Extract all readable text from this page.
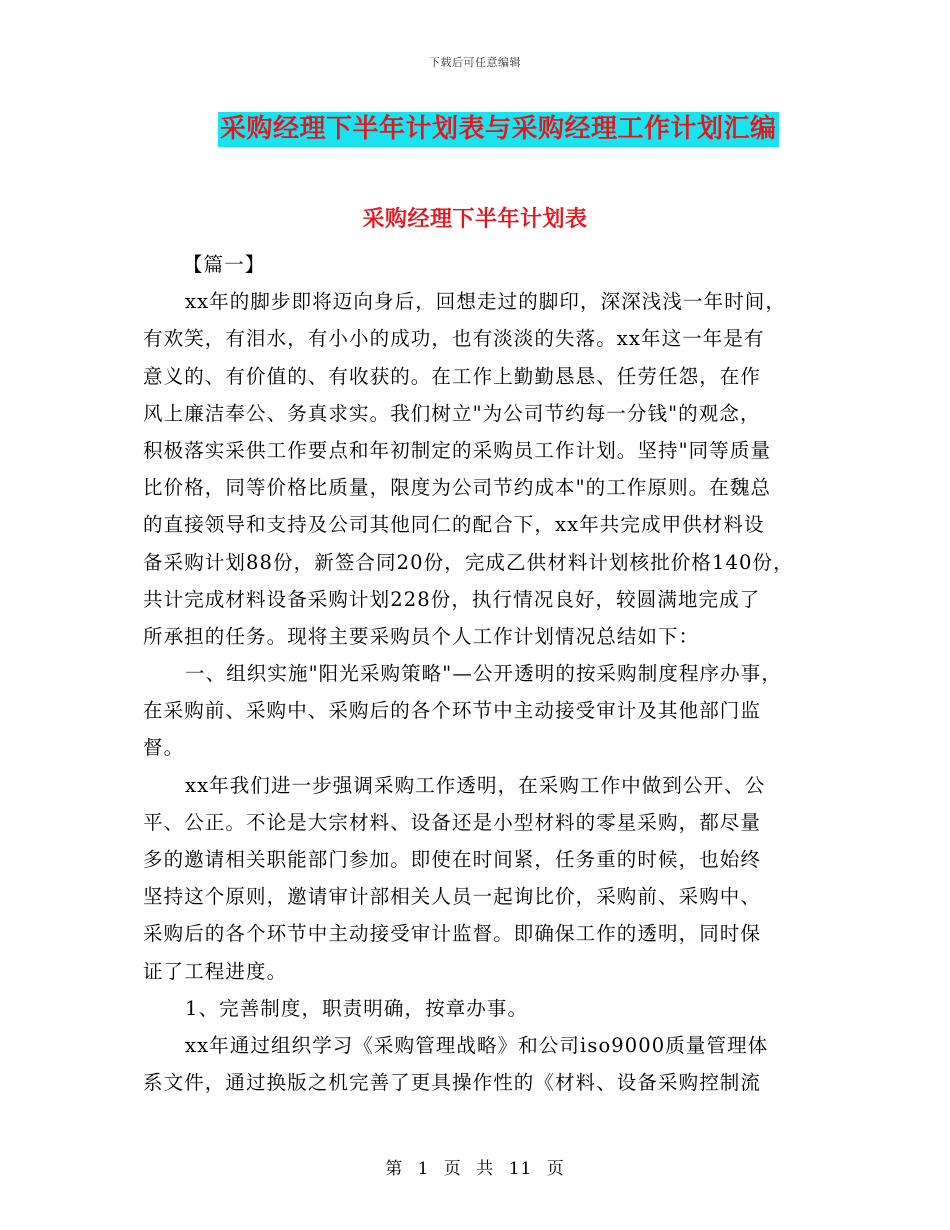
下载后可任意编辑
采购经理下半年计划表与采购经理工作计划汇编
采购经理下半年计划表
【篇一】
xx年的脚步即将迈向身后，回想走过的脚印，深深浅浅一年时间，
有欢笑，有泪水，有小小的成功，也有淡淡的失落。xx年这一年是有
意义的、有价值的、有收获的。在工作上勤勤恳恳、任劳任怨，在作
风上廉洁奉公、务真求实。我们树立"为公司节约每一分钱"的观念，
积极落实采供工作要点和年初制定的采购员工作计划。坚持"同等质量
比价格，同等价格比质量，限度为公司节约成本"的工作原则。在魏总
的直接领导和支持及公司其他同仁的配合下，xx年共完成甲供材料设
备采购计划88份，新签合同20份，完成乙供材料计划核批价格140份，
共计完成材料设备采购计划228份，执行情况良好，较圆满地完成了
所承担的任务。现将主要采购员个人工作计划情况总结如下：
一、组织实施"阳光采购策略"—公开透明的按采购制度程序办事，
在采购前、采购中、采购后的各个环节中主动接受审计及其他部门监
督。
xx年我们进一步强调采购工作透明，在采购工作中做到公开、公
平、公正。不论是大宗材料、设备还是小型材料的零星采购，都尽量
多的邀请相关职能部门参加。即使在时间紧，任务重的时候，也始终
坚持这个原则，邀请审计部相关人员一起询比价，采购前、采购中、
采购后的各个环节中主动接受审计监督。即确保工作的透明，同时保
证了工程进度。
1、完善制度，职责明确，按章办事。
xx年通过组织学习《采购管理战略》和公司iso9000质量管理体
系文件，通过换版之机完善了更具操作性的《材料、设备采购控制流
第 1 页 共 11 页
